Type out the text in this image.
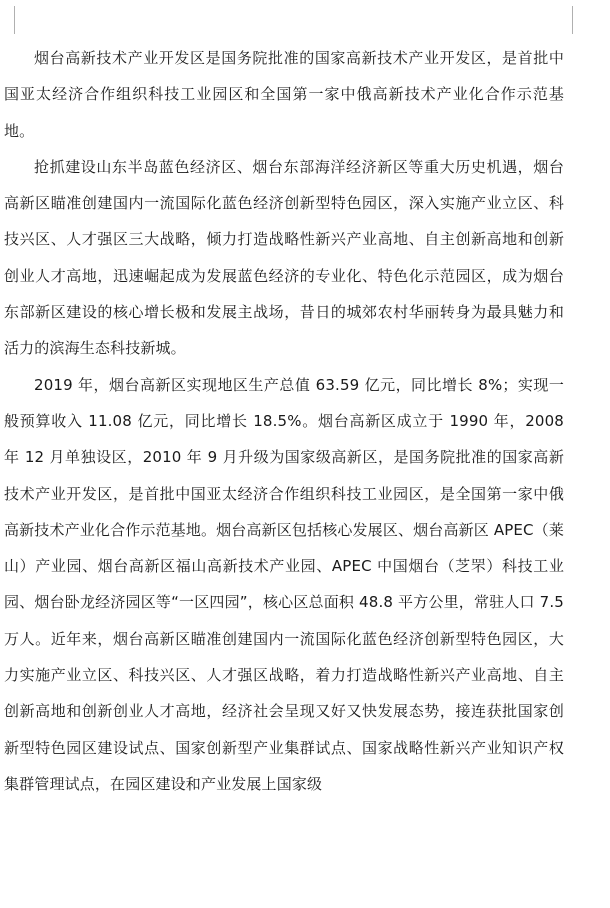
烟台高新技术产业开发区是国务院批准的国家高新技术产业开发区，是首批中国亚太经济合作组织科技工业园区和全国第一家中俄高新技术产业化合作示范基地。

抢抓建设山东半岛蓝色经济区、烟台东部海洋经济新区等重大历史机遇，烟台高新区瞄准创建国内一流国际化蓝色经济创新型特色园区，深入实施产业立区、科技兴区、人才强区三大战略，倾力打造战略性新兴产业高地、自主创新高地和创新创业人才高地，迅速崛起成为发展蓝色经济的专业化、特色化示范园区，成为烟台东部新区建设的核心增长极和发展主战场，昔日的城郊农村华丽转身为最具魅力和活力的滨海生态科技新城。

2019 年，烟台高新区实现地区生产总值 63.59 亿元，同比增长 8%；实现一般预算收入 11.08 亿元，同比增长 18.5%。烟台高新区成立于 1990 年，2008 年 12 月单独设区，2010 年 9 月升级为国家级高新区，是国务院批准的国家高新技术产业开发区，是首批中国亚太经济合作组织科技工业园区，是全国第一家中俄高新技术产业化合作示范基地。烟台高新区包括核心发展区、烟台高新区 APEC（莱山）产业园、烟台高新区福山高新技术产业园、APEC 中国烟台（芝罘）科技工业园、烟台卧龙经济园区等“一区四园”，核心区总面积 48.8 平方公里，常驻人口 7.5 万人。近年来，烟台高新区瞄准创建国内一流国际化蓝色经济创新型特色园区，大力实施产业立区、科技兴区、人才强区战略，着力打造战略性新兴产业高地、自主创新高地和创新创业人才高地，经济社会呈现又好又快发展态势，接连获批国家创新型特色园区建设试点、国家创新型产业集群试点、国家战略性新兴产业知识产权集群管理试点，在园区建设和产业发展上国家级
